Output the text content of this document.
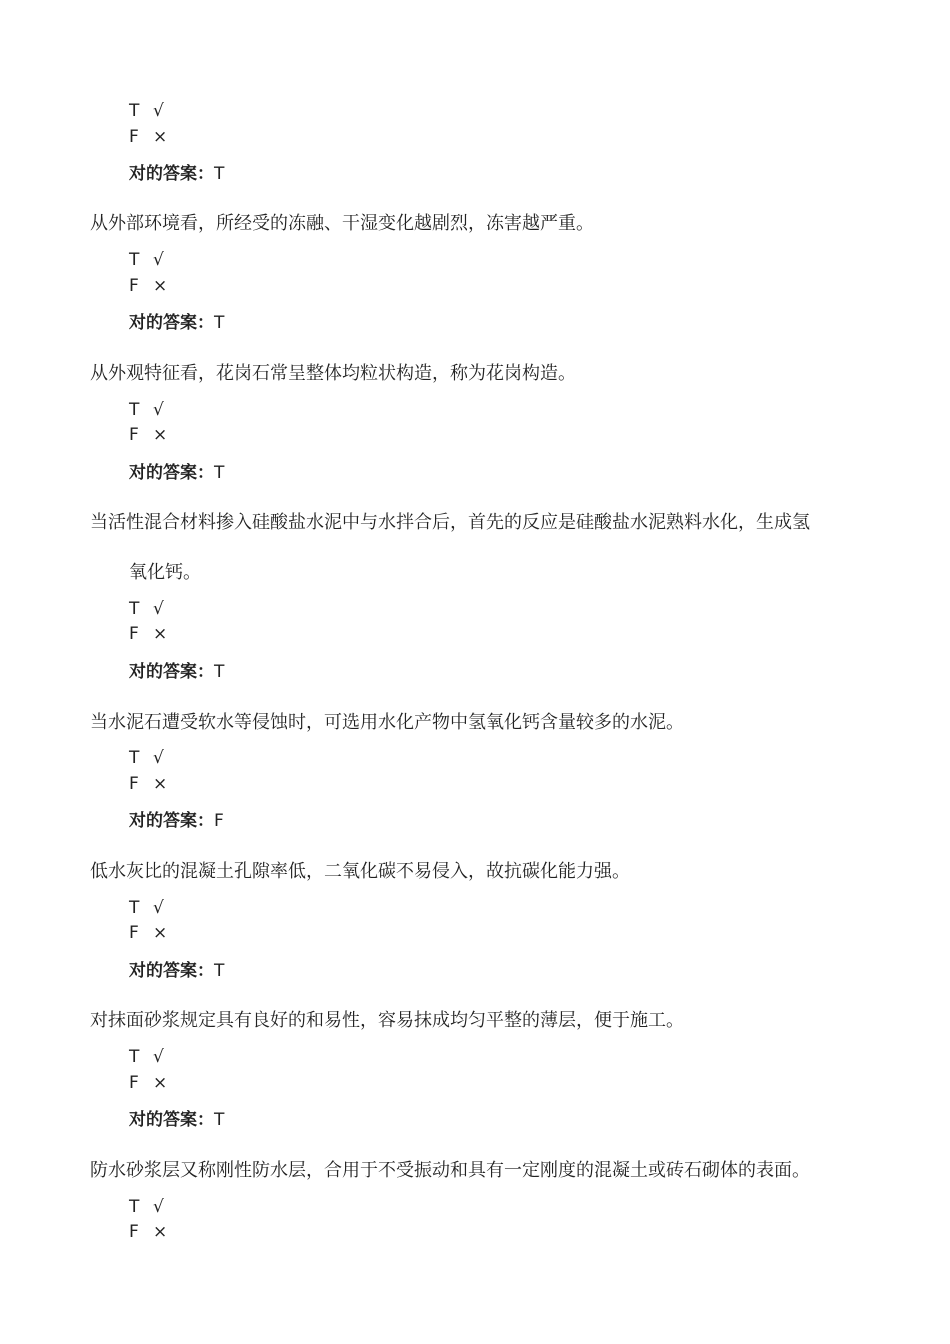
T √
F ×
对的答案：T
从外部环境看，所经受的冻融、干湿变化越剧烈，冻害越严重。
T √
F ×
对的答案：T
从外观特征看，花岗石常呈整体均粒状构造，称为花岗构造。
T √
F ×
对的答案：T
当活性混合材料掺入硅酸盐水泥中与水拌合后，首先的反应是硅酸盐水泥熟料水化，生成氢
氧化钙。
T √
F ×
对的答案：T
当水泥石遭受软水等侵蚀时，可选用水化产物中氢氧化钙含量较多的水泥。
T √
F ×
对的答案：F
低水灰比的混凝土孔隙率低，二氧化碳不易侵入，故抗碳化能力强。
T √
F ×
对的答案：T
对抹面砂浆规定具有良好的和易性，容易抹成均匀平整的薄层，便于施工。
T √
F ×
对的答案：T
防水砂浆层又称刚性防水层，合用于不受振动和具有一定刚度的混凝土或砖石砌体的表面。
T √
F ×
